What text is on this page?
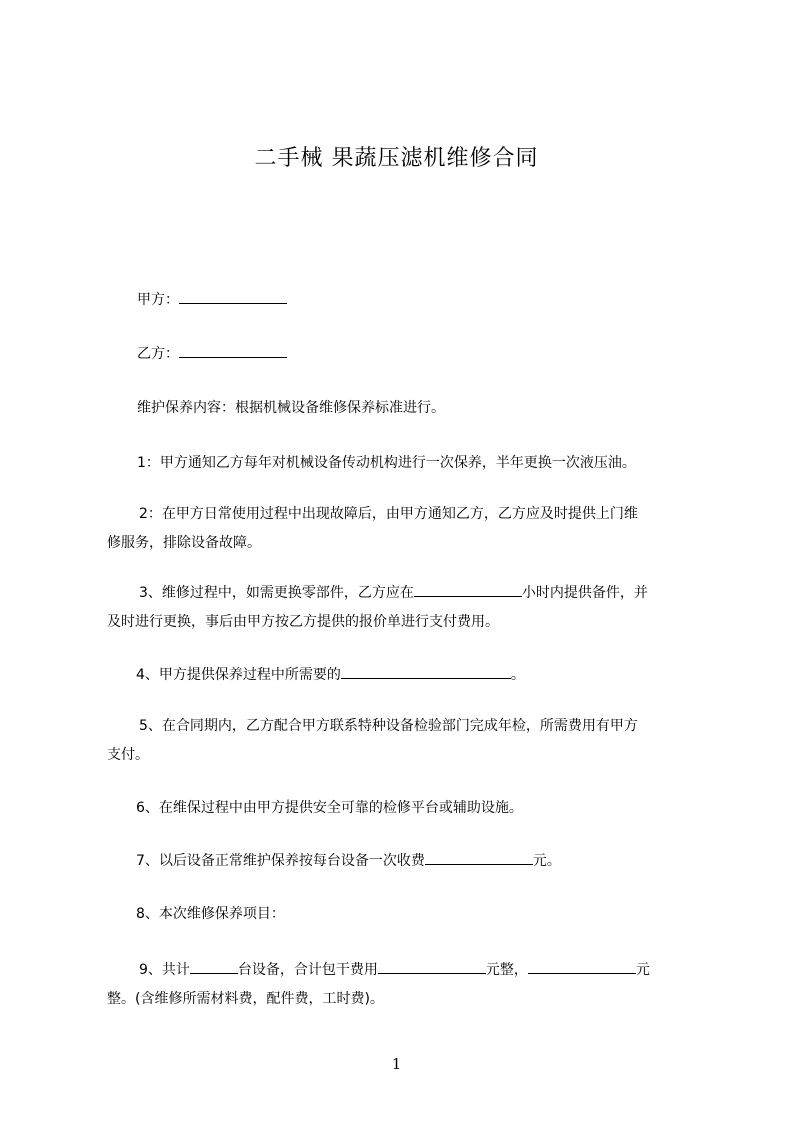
二手械 果蔬压滤机维修合同

甲方：

乙方：

维护保养内容：根据机械设备维修保养标准进行。

1：甲方通知乙方每年对机械设备传动机构进行一次保养，半年更换一次液压油。

2：在甲方日常使用过程中出现故障后，由甲方通知乙方，乙方应及时提供上门维
修服务，排除设备故障。
3、维修过程中，如需更换零部件，乙方应在	小时内提供备件，并
及时进行更换，事后由甲方按乙方提供的报价单进行支付费用。

4、甲方提供保养过程中所需要的	。

5、在合同期内，乙方配合甲方联系特种设备检验部门完成年检，所需费用有甲方
支付。

6、在维保过程中由甲方提供安全可靠的检修平台或辅助设施。

7、以后设备正常维护保养按每台设备一次收费	元。

8、本次维修保养项目：

9、共计	台设备，合计包干费用	元整，	元
整。(含维修所需材料费，配件费，工时费)。
1
